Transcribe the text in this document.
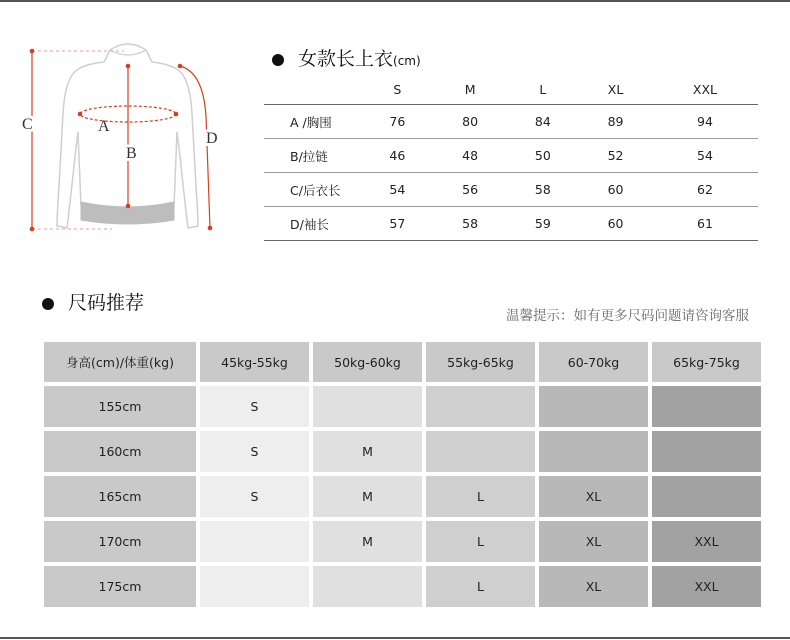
C	A
B
D
女款长上衣(cm)
	S	M	L	XL	XXL
A /胸围	76	80	84	89	94
B/拉链	46	48	50	52	54
C/后衣长	54	56	58	60	62
D/袖长	57	58	59	60	61
尺码推荐
温馨提示：如有更多尺码问题请咨询客服
身高(cm)/体重(kg)	45kg-55kg	50kg-60kg	55kg-65kg	60-70kg	65kg-75kg
155cm	S				
160cm	S	M			
165cm	S	M	L	XL	
170cm		M	L	XL	XXL
175cm			L	XL	XXL
